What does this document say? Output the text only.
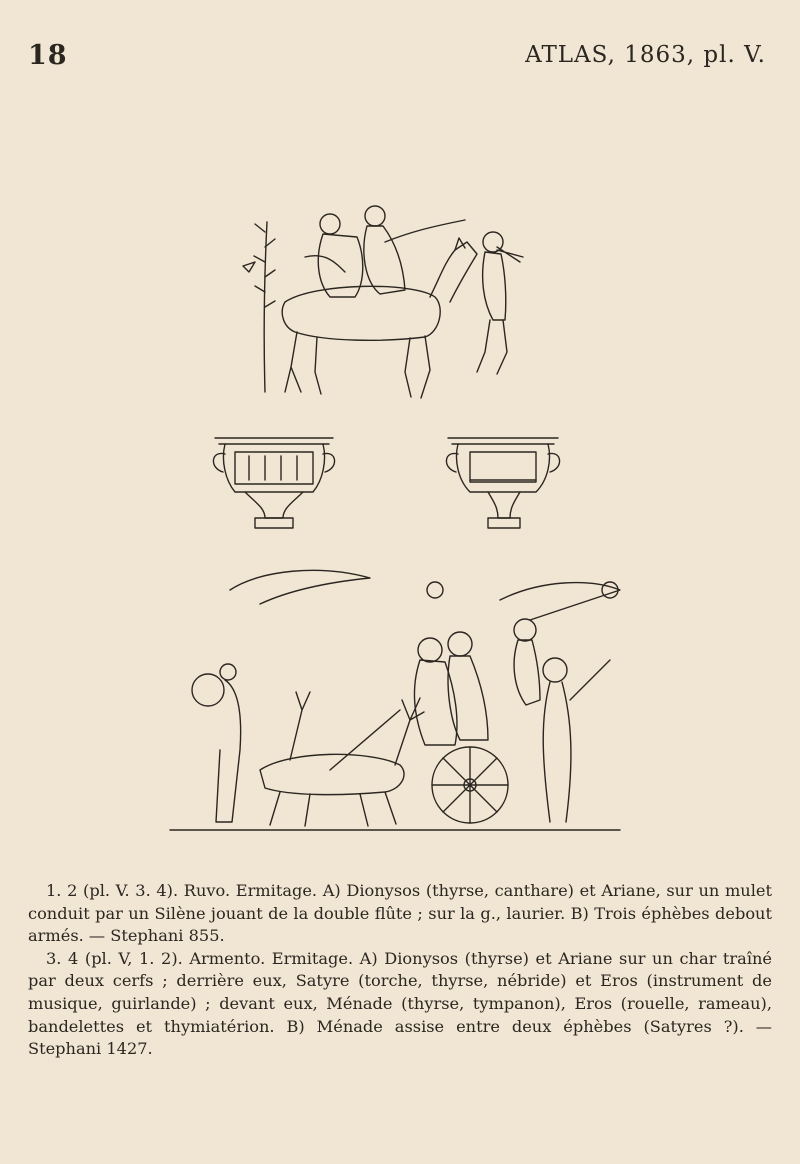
18	ATLAS, 1863, pl. V.

1. 2 (pl. V. 3. 4). Ruvo. Ermitage. A) Dionysos (thyrse, canthare) et Ariane, sur un mulet conduit par un Silène jouant de la double flûte ; sur la g., laurier. B) Trois éphèbes debout armés. — Stephani 855.

3. 4 (pl. V, 1. 2). Armento. Ermitage. A) Dionysos (thyrse) et Ariane sur un char traîné par deux cerfs ; derrière eux, Satyre (torche, thyrse, nébride) et Eros (instrument de musique, guirlande) ; devant eux, Ménade (thyrse, tympanon), Eros (rouelle, rameau), bandelettes et thymiatérion. B) Ménade assise entre deux éphèbes (Satyres ?). — Stephani 1427.
